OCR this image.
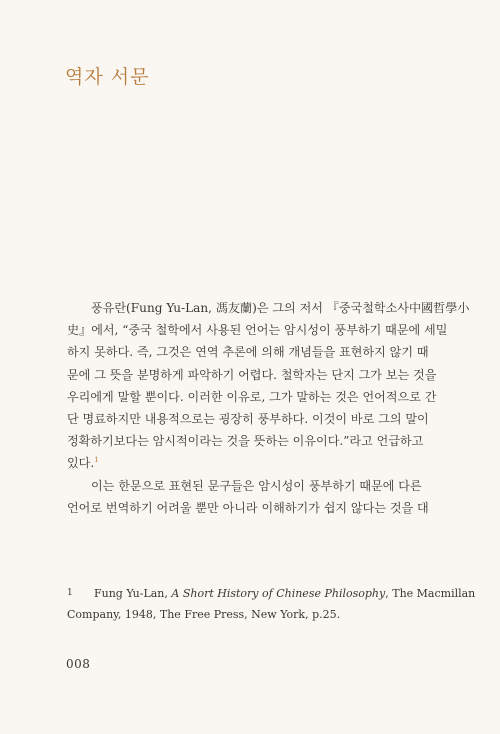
역자 서문

풍유란(Fung Yu-Lan, 馮友蘭)은 그의 저서 『중국철학소사中國哲學小
史』에서, “중국 철학에서 사용된 언어는 암시성이 풍부하기 때문에 세밀
하지 못하다. 즉, 그것은 연역 추론에 의해 개념들을 표현하지 않기 때
문에 그 뜻을 분명하게 파악하기 어렵다. 철학자는 단지 그가 보는 것을
우리에게 말할 뿐이다. 이러한 이유로, 그가 말하는 것은 언어적으로 간
단 명료하지만 내용적으로는 굉장히 풍부하다. 이것이 바로 그의 말이
정확하기보다는 암시적이라는 것을 뜻하는 이유이다.”라고 언급하고
있다.$^1$
이는 한문으로 표현된 문구들은 암시성이 풍부하기 때문에 다른
언어로 번역하기 어려울 뿐만 아니라 이해하기가 쉽지 않다는 것을 대

1 Fung Yu-Lan, A Short History of Chinese Philosophy, The Macmillan
Company, 1948, The Free Press, New York, p.25.
008
